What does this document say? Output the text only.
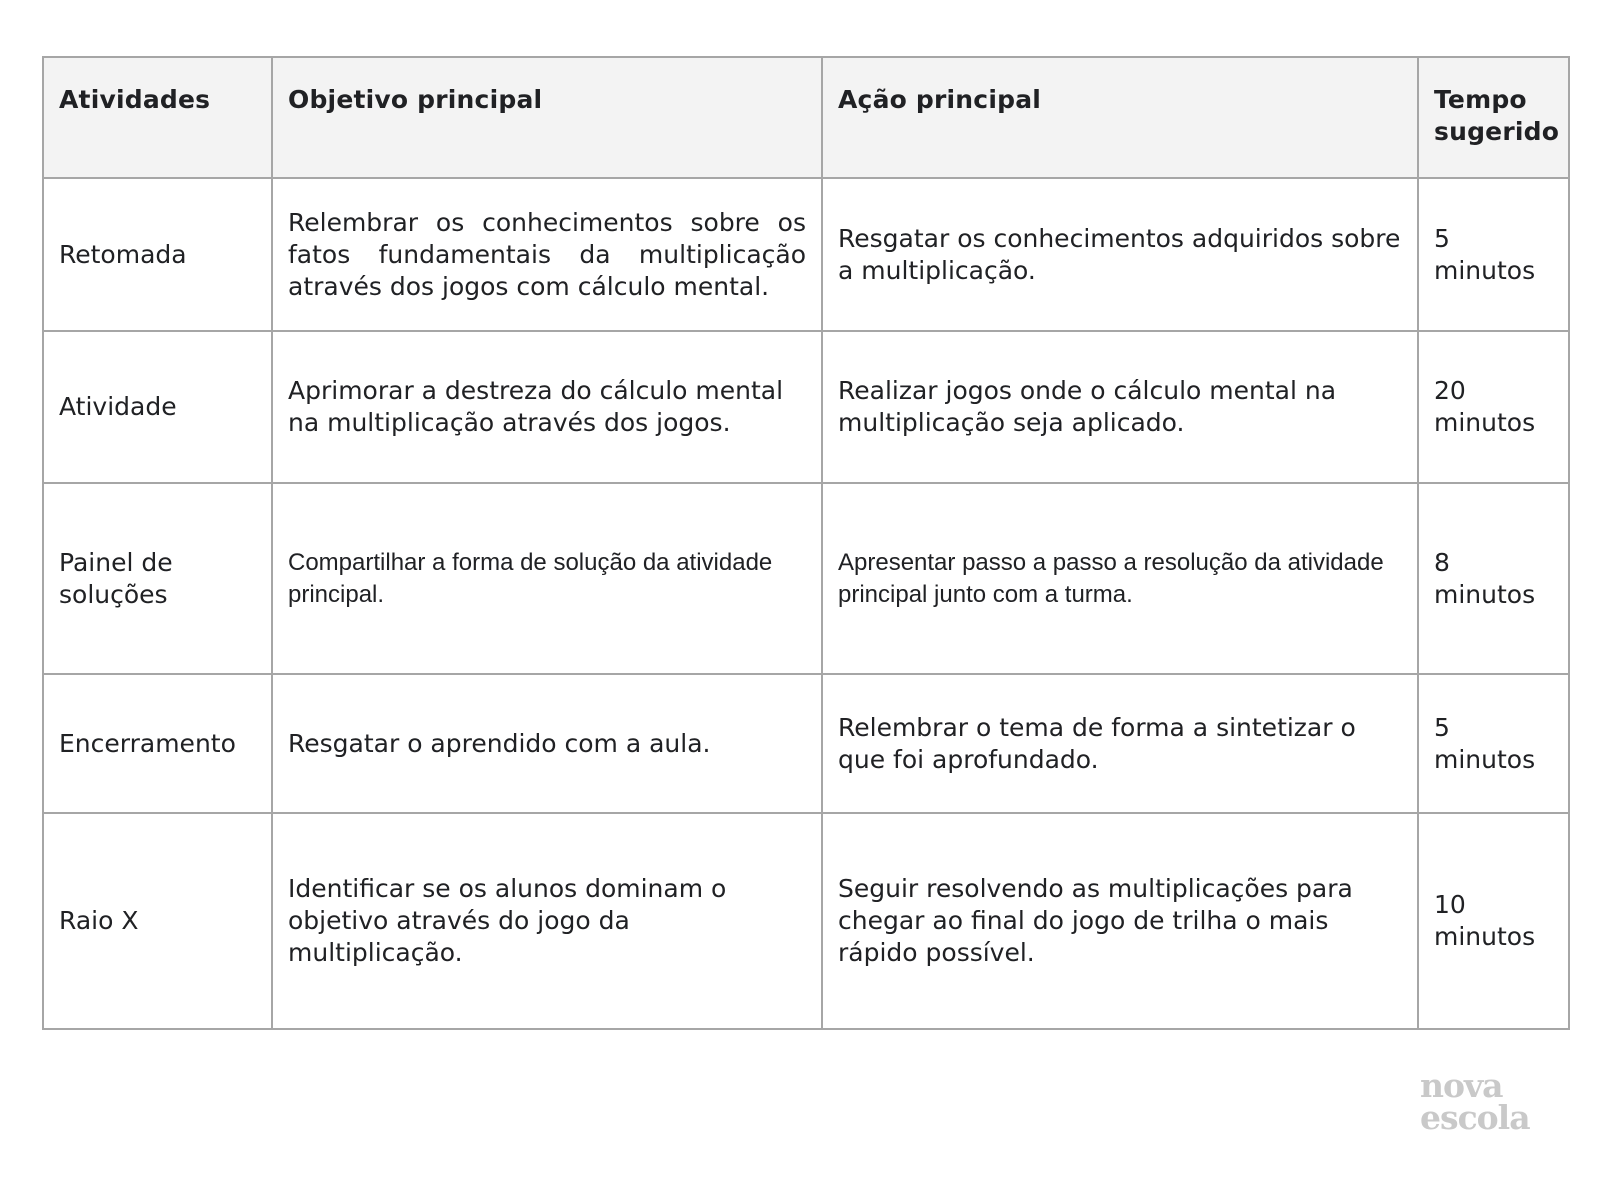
Atividades	Objetivo principal	Ação principal	Tempo sugerido
Retomada	Relembrar os conhecimentos sobre os fatos fundamentais da multiplicação através dos jogos com cálculo mental.	Resgatar os conhecimentos adquiridos sobre a multiplicação.	5 minutos
Atividade	Aprimorar a destreza do cálculo mental na multiplicação através dos jogos.	Realizar jogos onde o cálculo mental na multiplicação seja aplicado.	20 minutos
Painel de soluções	Compartilhar a forma de solução da atividade principal.	Apresentar passo a passo a resolução da atividade principal junto com a turma.	8 minutos
Encerramento	Resgatar o aprendido com a aula.	Relembrar o tema de forma a sintetizar o que foi aprofundado.	5 minutos
Raio X	Identificar se os alunos dominam o objetivo através do jogo da multiplicação.	Seguir resolvendo as multiplicações para chegar ao final do jogo de trilha o mais rápido possível.	10 minutos
nova
escola
